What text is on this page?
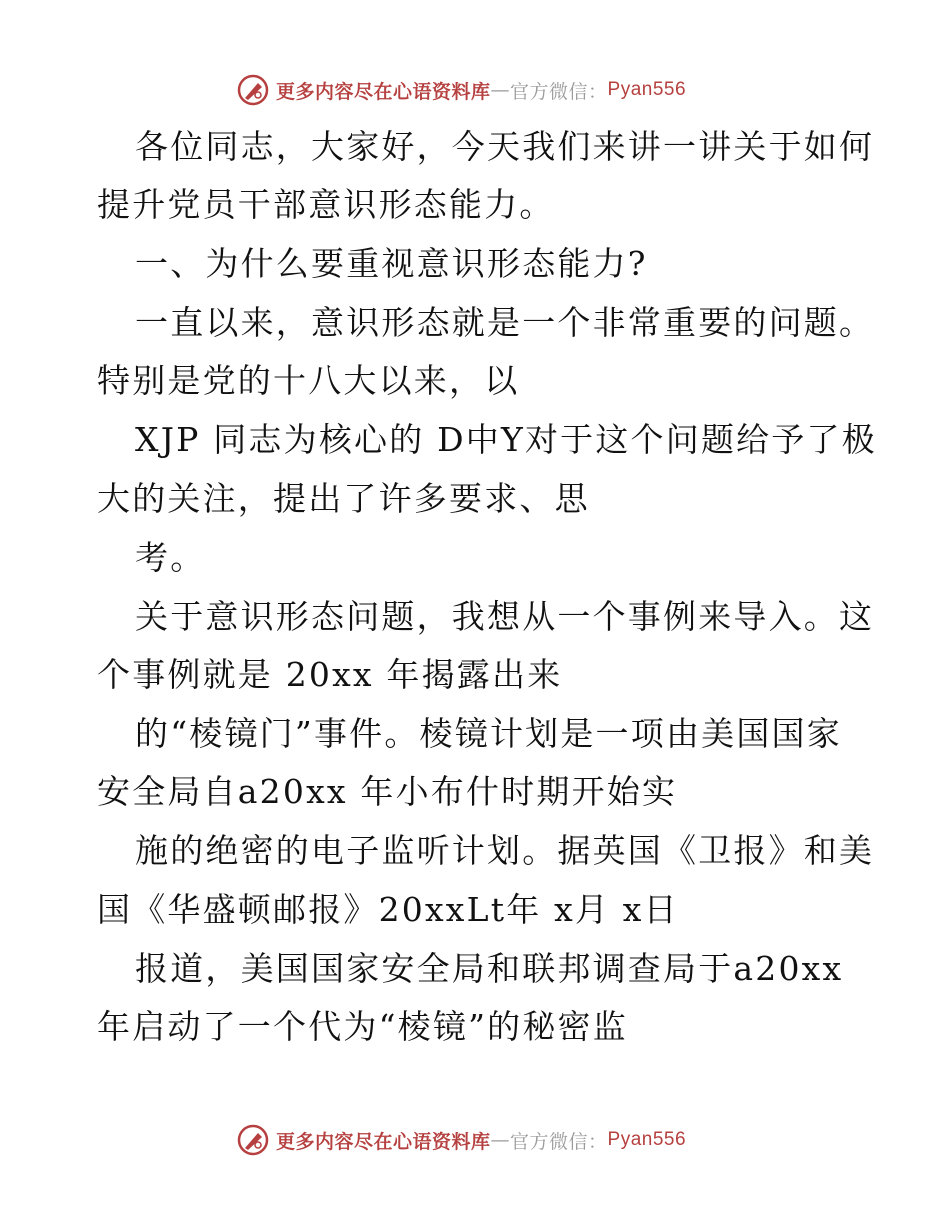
更多内容尽在心语资料库 — 官方微信： Pyan556
各位同志，大家好，今天我们来讲一讲关于如何
提升党员干部意识形态能力。
一、为什么要重视意识形态能力?
一直以来，意识形态就是一个非常重要的问题。
特别是党的十八大以来，以
XJP 同志为核心的 D中Y对于这个问题给予了极
大的关注，提出了许多要求、思
考。
关于意识形态问题，我想从一个事例来导入。这
个事例就是 20xx 年揭露出来
的“棱镜门”事件。棱镜计划是一项由美国国家
安全局自a20xx 年小布什时期开始实
施的绝密的电子监听计划。据英国《卫报》和美
国《华盛顿邮报》20xxLt年 x月 x日
报道，美国国家安全局和联邦调查局于a20xx
年启动了一个代为“棱镜”的秘密监
更多内容尽在心语资料库 — 官方微信： Pyan556
